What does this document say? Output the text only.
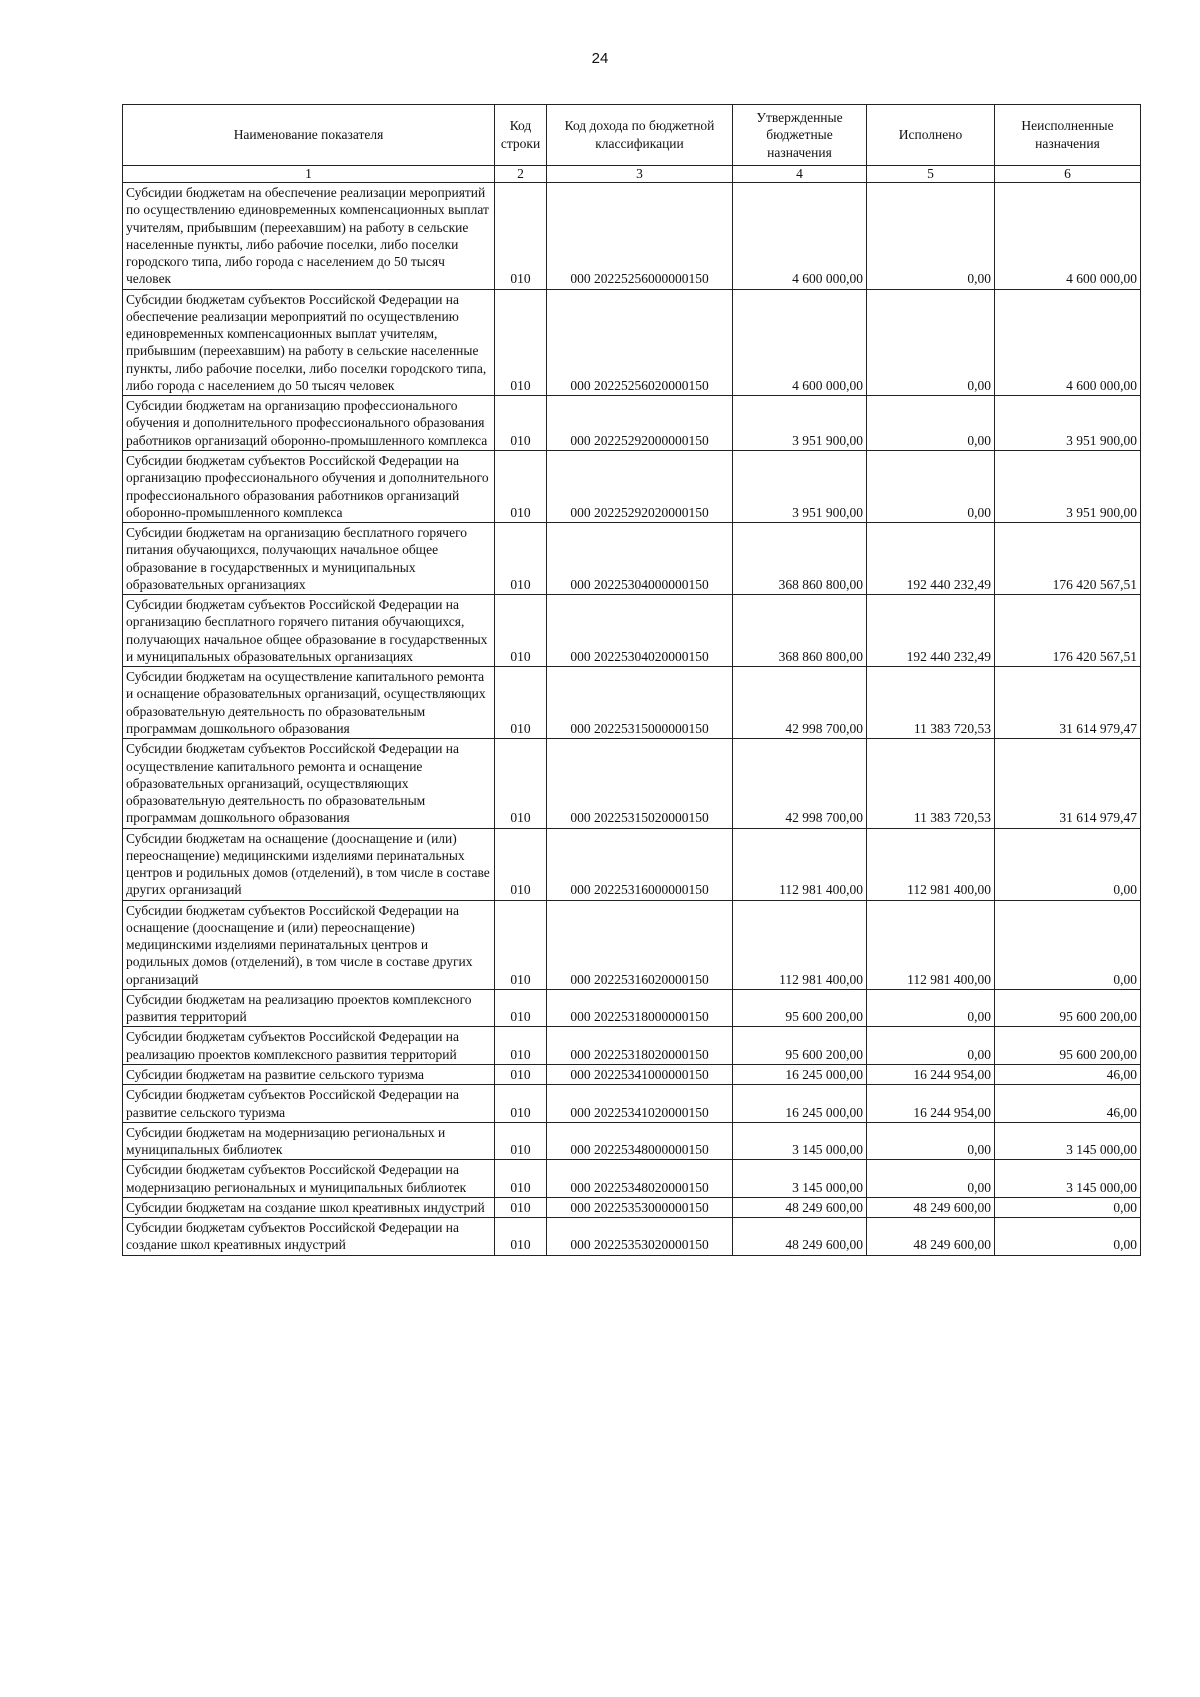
24
Наименование показателя	Код строки	Код дохода по бюджетной классификации	Утвержденные бюджетные назначения	Исполнено	Неисполненные назначения
1	2	3	4	5	6
Субсидии бюджетам на обеспечение реализации мероприятий по осуществлению единовременных компенсационных выплат учителям, прибывшим (переехавшим) на работу в сельские населенные пункты, либо рабочие поселки, либо поселки городского типа, либо города с населением до 50 тысяч человек	010	000 20225256000000150	4 600 000,00	0,00	4 600 000,00
Субсидии бюджетам субъектов Российской Федерации на обеспечение реализации мероприятий по осуществлению единовременных компенсационных выплат учителям, прибывшим (переехавшим) на работу в сельские населенные пункты, либо рабочие поселки, либо поселки городского типа, либо города с населением до 50 тысяч человек	010	000 20225256020000150	4 600 000,00	0,00	4 600 000,00
Субсидии бюджетам на организацию профессионального обучения и дополнительного профессионального образования работников организаций оборонно-промышленного комплекса	010	000 20225292000000150	3 951 900,00	0,00	3 951 900,00
Субсидии бюджетам субъектов Российской Федерации на организацию профессионального обучения и дополнительного профессионального образования работников организаций оборонно-промышленного комплекса	010	000 20225292020000150	3 951 900,00	0,00	3 951 900,00
Субсидии бюджетам на организацию бесплатного горячего питания обучающихся, получающих начальное общее образование в государственных и муниципальных образовательных организациях	010	000 20225304000000150	368 860 800,00	192 440 232,49	176 420 567,51
Субсидии бюджетам субъектов Российской Федерации на организацию бесплатного горячего питания обучающихся, получающих начальное общее образование в государственных и муниципальных образовательных организациях	010	000 20225304020000150	368 860 800,00	192 440 232,49	176 420 567,51
Субсидии бюджетам на осуществление капитального ремонта и оснащение образовательных организаций, осуществляющих образовательную деятельность по образовательным программам дошкольного образования	010	000 20225315000000150	42 998 700,00	11 383 720,53	31 614 979,47
Субсидии бюджетам субъектов Российской Федерации на осуществление капитального ремонта и оснащение образовательных организаций, осуществляющих образовательную деятельность по образовательным программам дошкольного образования	010	000 20225315020000150	42 998 700,00	11 383 720,53	31 614 979,47
Субсидии бюджетам на оснащение (дооснащение и (или) переоснащение) медицинскими изделиями перинатальных центров и родильных домов (отделений), в том числе в составе других организаций	010	000 20225316000000150	112 981 400,00	112 981 400,00	0,00
Субсидии бюджетам субъектов Российской Федерации на оснащение (дооснащение и (или) переоснащение) медицинскими изделиями перинатальных центров и родильных домов (отделений), в том числе в составе других организаций	010	000 20225316020000150	112 981 400,00	112 981 400,00	0,00
Субсидии бюджетам на реализацию проектов комплексного развития территорий	010	000 20225318000000150	95 600 200,00	0,00	95 600 200,00
Субсидии бюджетам субъектов Российской Федерации на реализацию проектов комплексного развития территорий	010	000 20225318020000150	95 600 200,00	0,00	95 600 200,00
Субсидии бюджетам на развитие сельского туризма	010	000 20225341000000150	16 245 000,00	16 244 954,00	46,00
Субсидии бюджетам субъектов Российской Федерации на развитие сельского туризма	010	000 20225341020000150	16 245 000,00	16 244 954,00	46,00
Субсидии бюджетам на модернизацию региональных и муниципальных библиотек	010	000 20225348000000150	3 145 000,00	0,00	3 145 000,00
Субсидии бюджетам субъектов Российской Федерации на модернизацию региональных и муниципальных библиотек	010	000 20225348020000150	3 145 000,00	0,00	3 145 000,00
Субсидии бюджетам на создание школ креативных индустрий	010	000 20225353000000150	48 249 600,00	48 249 600,00	0,00
Субсидии бюджетам субъектов Российской Федерации на создание школ креативных индустрий	010	000 20225353020000150	48 249 600,00	48 249 600,00	0,00
